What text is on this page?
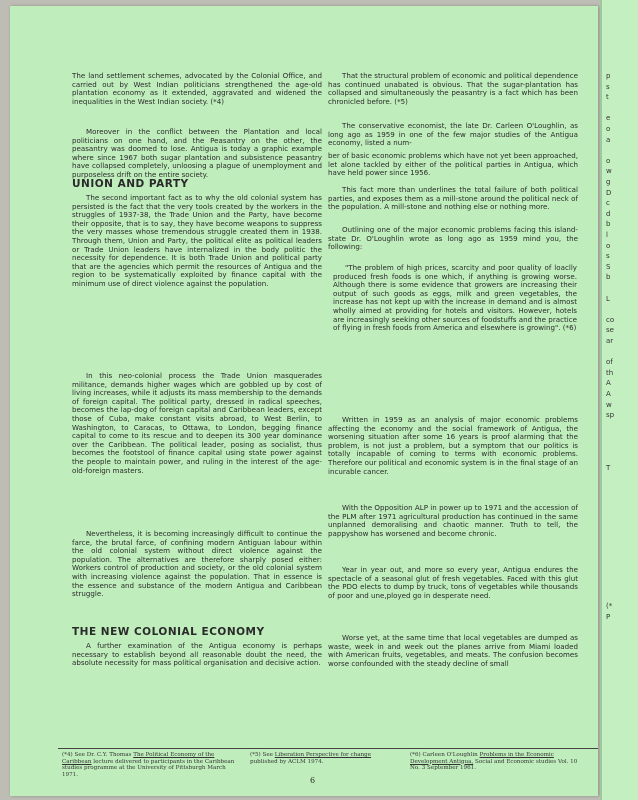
p
s
t
e
o
a
o
w
g
D
c
d
b
l
o
s
S
b
L
co
se
ar
of
th
A
A
w
sp
T
(*
P

The land settlement schemes, advocated by the Colonial Office, and carried out by West Indian politicians strengthened the age-old plantation economy as it extended, aggravated and widened the inequalities in the West Indian society. (*4)

Moreover in the conflict between the Plantation and local politicians on one hand, and the Peasantry on the other, the peasantry was doomed to lose. Antigua is today a graphic example where since 1967 both sugar plantation and subsistence peasantry have collapsed completely, unloosing a plague of unemployment and purposeless drift on the entire society.

UNION AND PARTY

The second important fact as to why the old colonial system has persisted is the fact that the very tools created by the workers in the struggles of 1937-38, the Trade Union and the Party, have become their opposite, that is to say, they have become weapons to suppress the very masses whose tremendous struggle created them in 1938. Through them, Union and Party, the political elite as political leaders or Trade Union leaders have internalized in the body politic the necessity for dependence. It is both Trade Union and political party that are the agencies which permit the resources of Antigua and the region to be systematically exploited by finance capital with the minimum use of direct violence against the population.

In this neo-colonial process the Trade Union masquerades militance, demands higher wages which are gobbled up by cost of living increases, while it adjusts its mass membership to the demands of foreign capital. The political party, dressed in radical speeches, becomes the lap-dog of foreign capital and Caribbean leaders, except those of Cuba, make constant visits abroad, to West Berlin, to Washington, to Caracas, to Ottawa, to London, begging finance capital to come to its rescue and to deepen its 300 year dominance over the Caribbean. The political leader, posing as socialist, thus becomes the footstool of finance capital using state power against the people to maintain power, and ruling in the interest of the age-old-foreign masters.

Nevertheless, it is becoming increasingly difficult to continue the farce, the brutal farce, of confining modern Antiguan labour within the old colonial system without direct violence against the population. The alternatives are therefore sharply posed either: Workers control of production and society, or the old colonial system with increasing violence against the population. That in essence is the essence and substance of the modern Antigua and Caribbean struggle.

THE NEW COLONIAL ECONOMY

A further examination of the Antigua economy is perhaps necessary to establish beyond all reasonable doubt the need, the absolute necessity for mass political organisation and decisive action.

That the structural problem of economic and political dependence has continued unabated is obvious. That the sugar-plantation has collapsed and simultaneously the peasantry is a fact which has been chronicled before. (*5)

The conservative economist, the late Dr. Carleen O'Loughlin, as long ago as 1959 in one of the few major studies of the Antigua economy, listed a num-

ber of basic economic problems which have not yet been approached, let alone tackled by either of the political parties in Antigua, which have held power since 1956.

This fact more than underlines the total failure of both political parties, and exposes them as a mill-stone around the political neck of the population. A mill-stone and nothing else or nothing more.

Outlining one of the major economic problems facing this island-state Dr. O'Loughlin wrote as long ago as 1959 mind you, the following:

"The problem of high prices, scarcity and poor quality of loaclly produced fresh foods is one which, if anything is growing worse. Although there is some evidence that growers are increasing their output of such goods as eggs, milk and green vegetables, the increase has not kept up with the increase in demand and is almost wholly aimed at providing for hotels and visitors. However, hotels are increasingly seeking other sources of foodstuffs and the practice of flying in fresh foods from America and elsewhere is growing". (*6)

Written in 1959 as an analysis of major economic problems affecting the economy and the social framework of Antigua, the worsening situation after some 16 years is proof alarming that the problem, is not just a problem, but a symptom that our politics is totally incapable of coming to terms with economic problems. Therefore our political and economic system is in the final stage of an incurable cancer.

With the Opposition ALP in power up to 1971 and the accession of the PLM after 1971 agricultural production has continued in the same unplanned demoralising and chaotic manner. Truth to tell, the pappyshow has worsened and become chronic.

Year in year out, and more so every year, Antigua endures the spectacle of a seasonal glut of fresh vegetables. Faced with this glut the PDO elects to dump by truck, tons of vegetables while thousands of poor and une,ployed go in desperate need.

Worse yet, at the same time that local vegetables are dumped as waste, week in and week out the planes arrive from Miami loaded with American fruits, vegetables, and meats. The confusion becomes worse confounded with the steady decline of small

(*4) See Dr. C.Y. Thomas The Political Economy of the Caribbean lecture delivered to participants in the Caribbean studies programme at the University of Pittsburgh March 1971.
(*5) See Liberation Perspective for change published by ACLM 1974.
(*6) Carleen O'Loughlin Problems in the Economic Development Antigua, Social and Economic studies Vol. 10 No. 3 September 1961.
6
